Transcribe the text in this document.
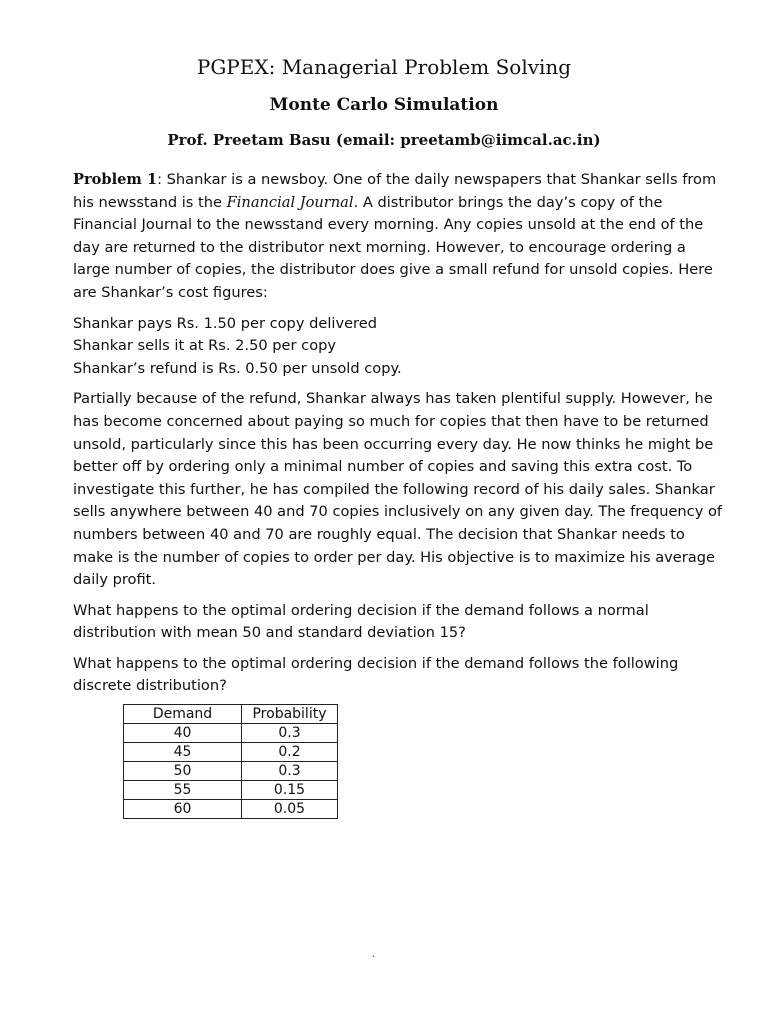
PGPEX: Managerial Problem Solving
Monte Carlo Simulation
Prof. Preetam Basu (email: preetamb@iimcal.ac.in)

Problem 1: Shankar is a newsboy. One of the daily newspapers that Shankar sells from his newsstand is the Financial Journal. A distributor brings the day’s copy of the Financial Journal to the newsstand every morning. Any copies unsold at the end of the day are returned to the distributor next morning. However, to encourage ordering a large number of copies, the distributor does give a small refund for unsold copies. Here are Shankar’s cost figures:

Shankar pays Rs. 1.50 per copy delivered
Shankar sells it at Rs. 2.50 per copy
Shankar’s refund is Rs. 0.50 per unsold copy.

Partially because of the refund, Shankar always has taken plentiful supply. However, he has become concerned about paying so much for copies that then have to be returned unsold, particularly since this has been occurring every day. He now thinks he might be better off by ordering only a minimal number of copies and saving this extra cost. To investigate this further, he has compiled the following record of his daily sales. Shankar sells anywhere between 40 and 70 copies inclusively on any given day. The frequency of numbers between 40 and 70 are roughly equal. The decision that Shankar needs to make is the number of copies to order per day. His objective is to maximize his average daily profit.

What happens to the optimal ordering decision if the demand follows a normal distribution with mean 50 and standard deviation 15?

What happens to the optimal ordering decision if the demand follows the following discrete distribution?

Demand	Probability
40	0.3
45	0.2
50	0.3
55	0.15
60	0.05
.
